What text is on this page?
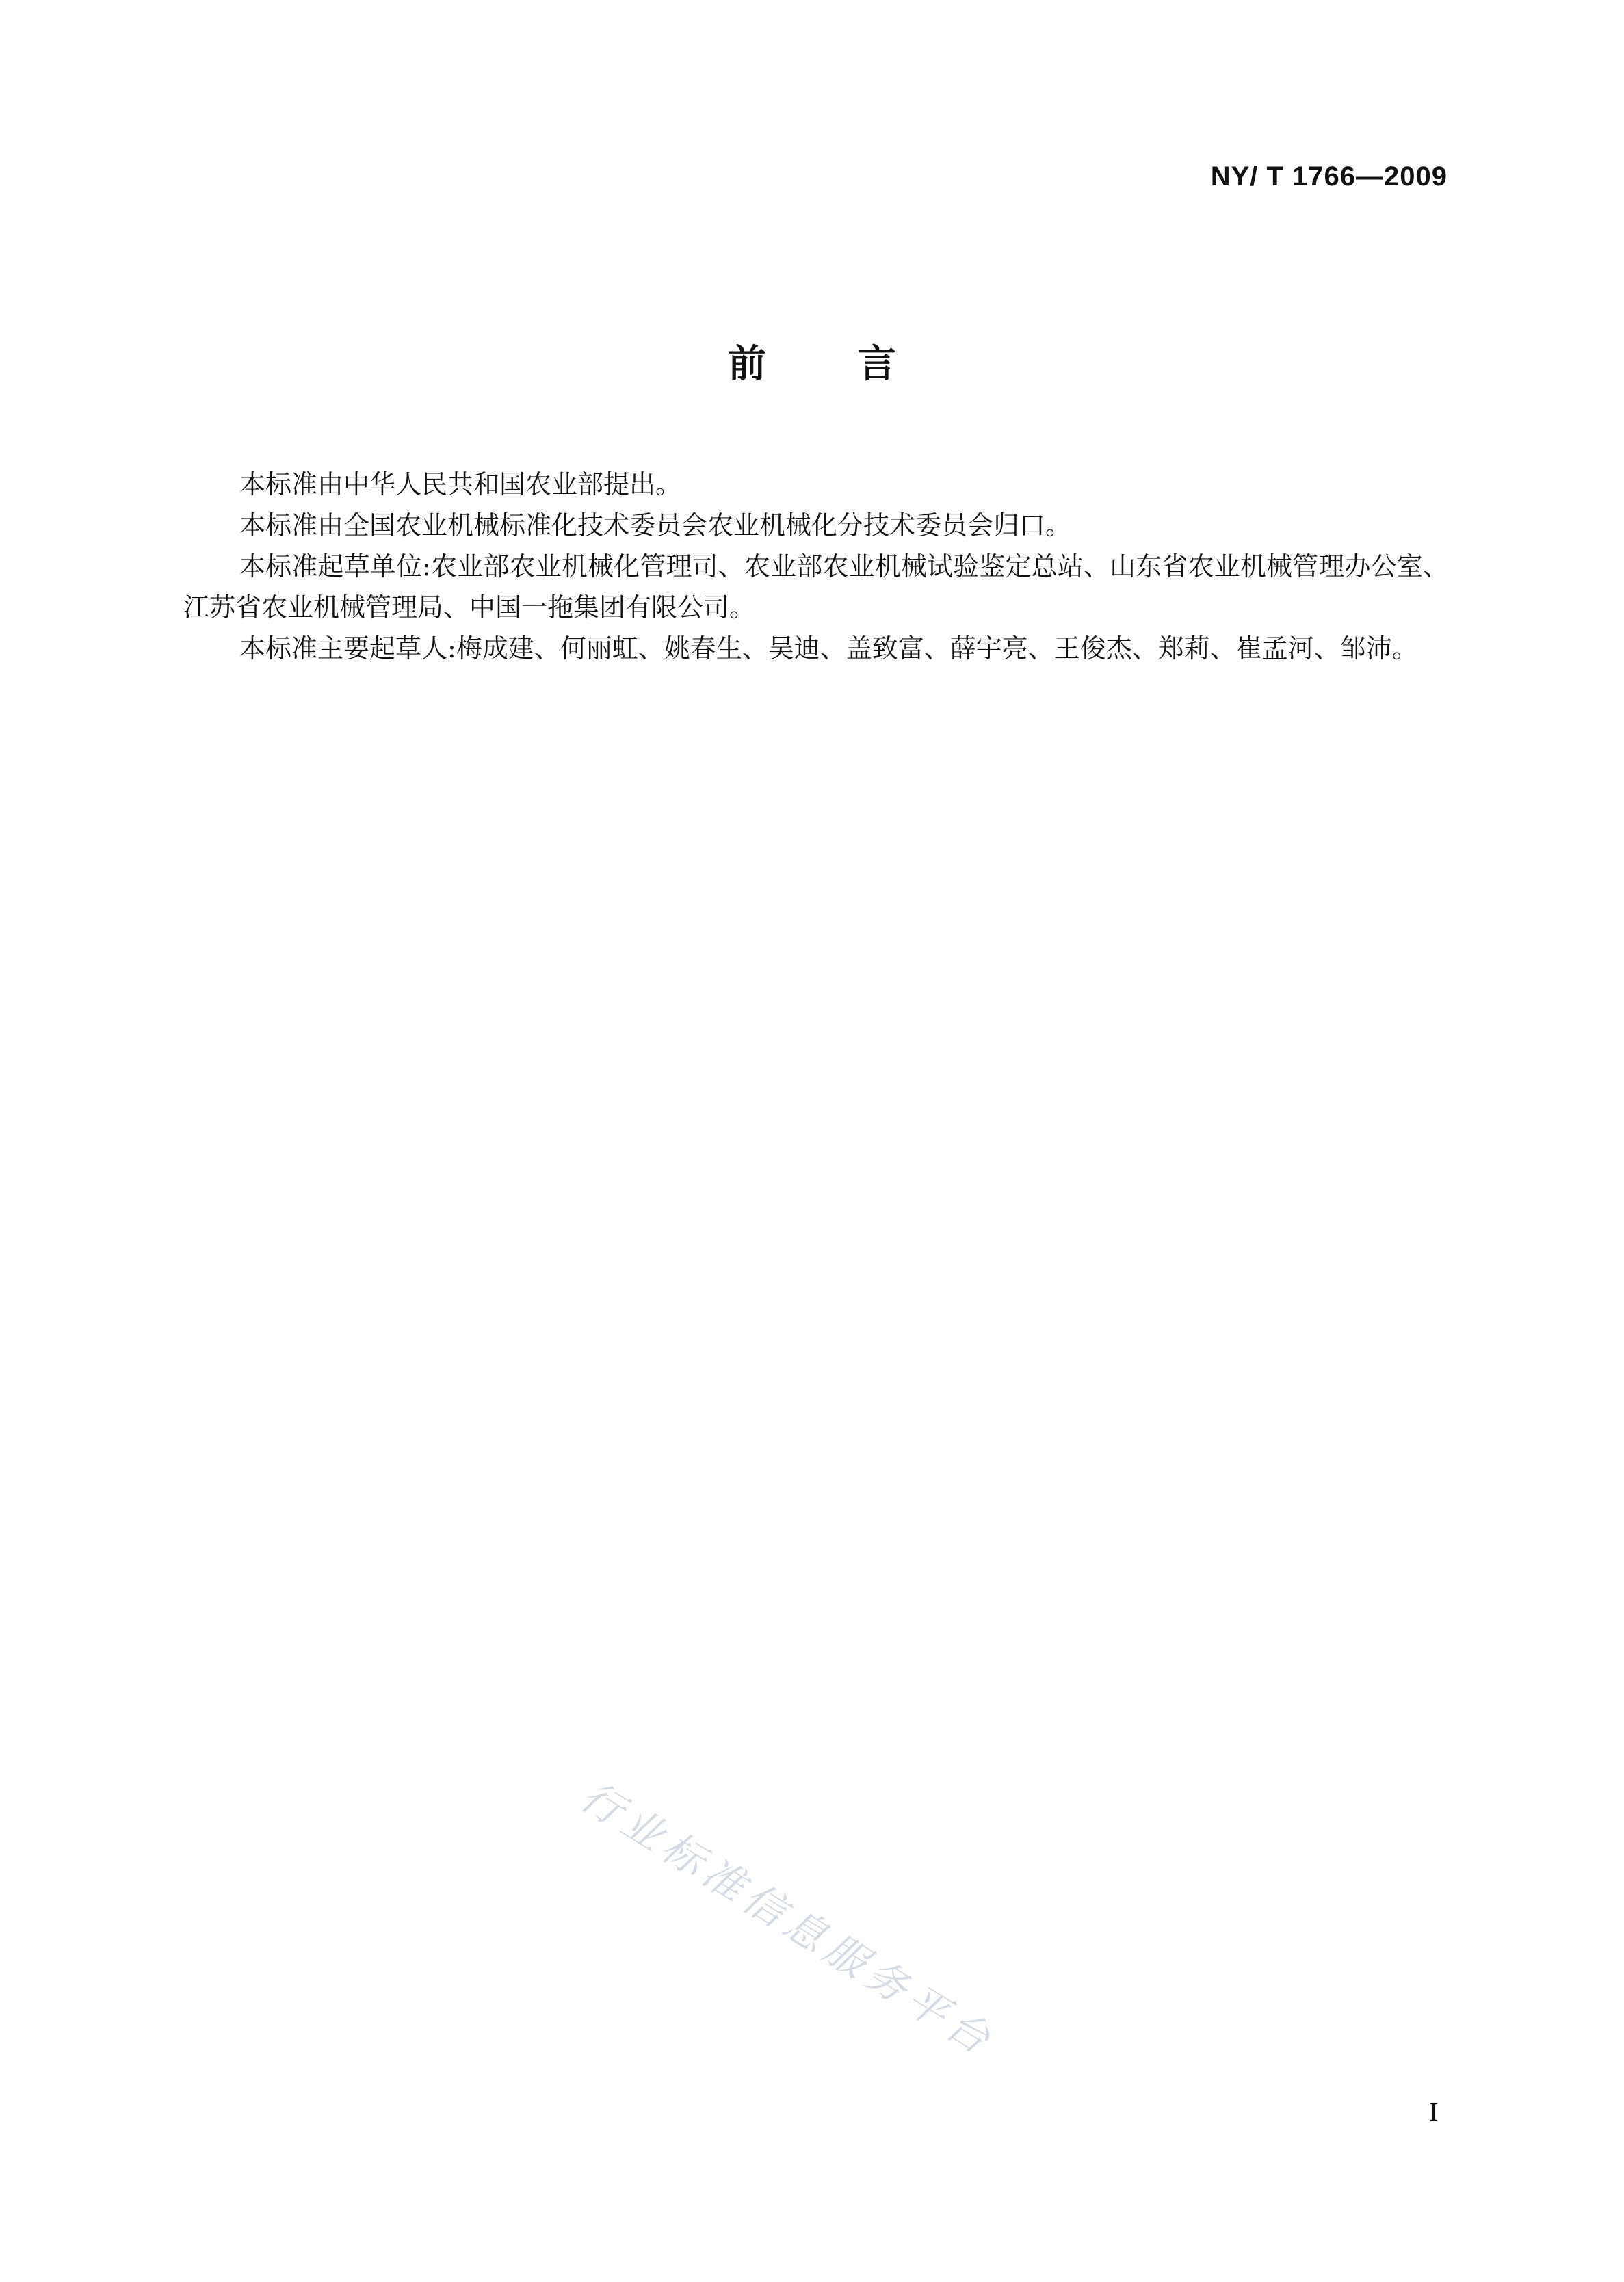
NY/ T 1766—2009
前言

本标准由中华人民共和国农业部提出。

本标准由全国农业机械标准化技术委员会农业机械化分技术委员会归口。

本标准起草单位:农业部农业机械化管理司、农业部农业机械试验鉴定总站、山东省农业机械管理办公室、江苏省农业机械管理局、中国一拖集团有限公司。

本标准主要起草人:梅成建、何丽虹、姚春生、吴迪、盖致富、薛宇亮、王俊杰、郑莉、崔孟河、邹沛。

行业标准信息服务平台
I
